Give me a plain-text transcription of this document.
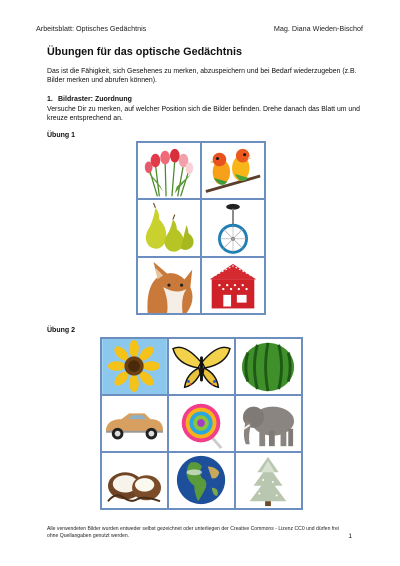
Arbeitsblatt: Optisches Gedächtnis	Mag. Diana Wieden-Bischof
Übungen für das optische Gedächtnis

Das ist die Fähigkeit, sich Gesehenes zu merken, abzuspeichern und bei Bedarf wiederzugeben (z.B. Bilder merken und abrufen können).

1. Bildraster: Zuordnung

Versuche Dir zu merken, auf welcher Position sich die Bilder befinden. Drehe danach das Blatt um und kreuze entsprechend an.

Übung 1
Übung 2

Alle verwendeten Bilder wurden entweder selbst gezeichnet oder unterliegen der Creative Commons - Lizenz CC0 und dürfen frei ohne Quellangaben genutzt werden.	1
